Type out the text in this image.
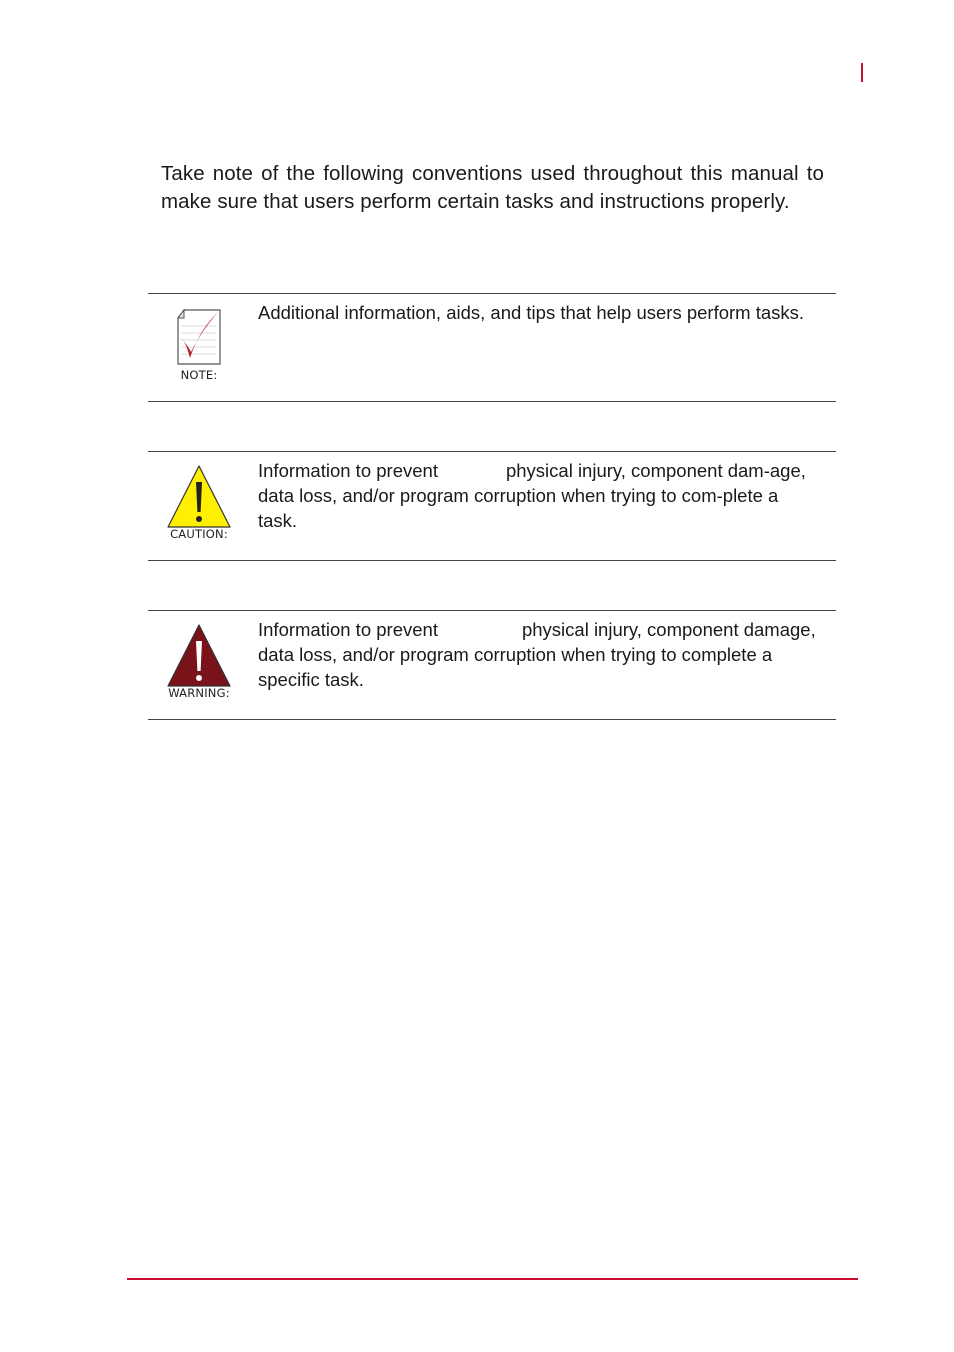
Take note of the following conventions used throughout this manual to make sure that users perform certain tasks and instructions properly.

NOTE:
Additional information, aids, and tips that help users perform tasks.
CAUTION:
Information to prevent	physical injury, component dam-age, data loss, and/or program corruption when trying to com-plete a task.
WARNING:
Information to prevent	physical injury, component damage, data loss, and/or program corruption when trying to complete a specific task.
